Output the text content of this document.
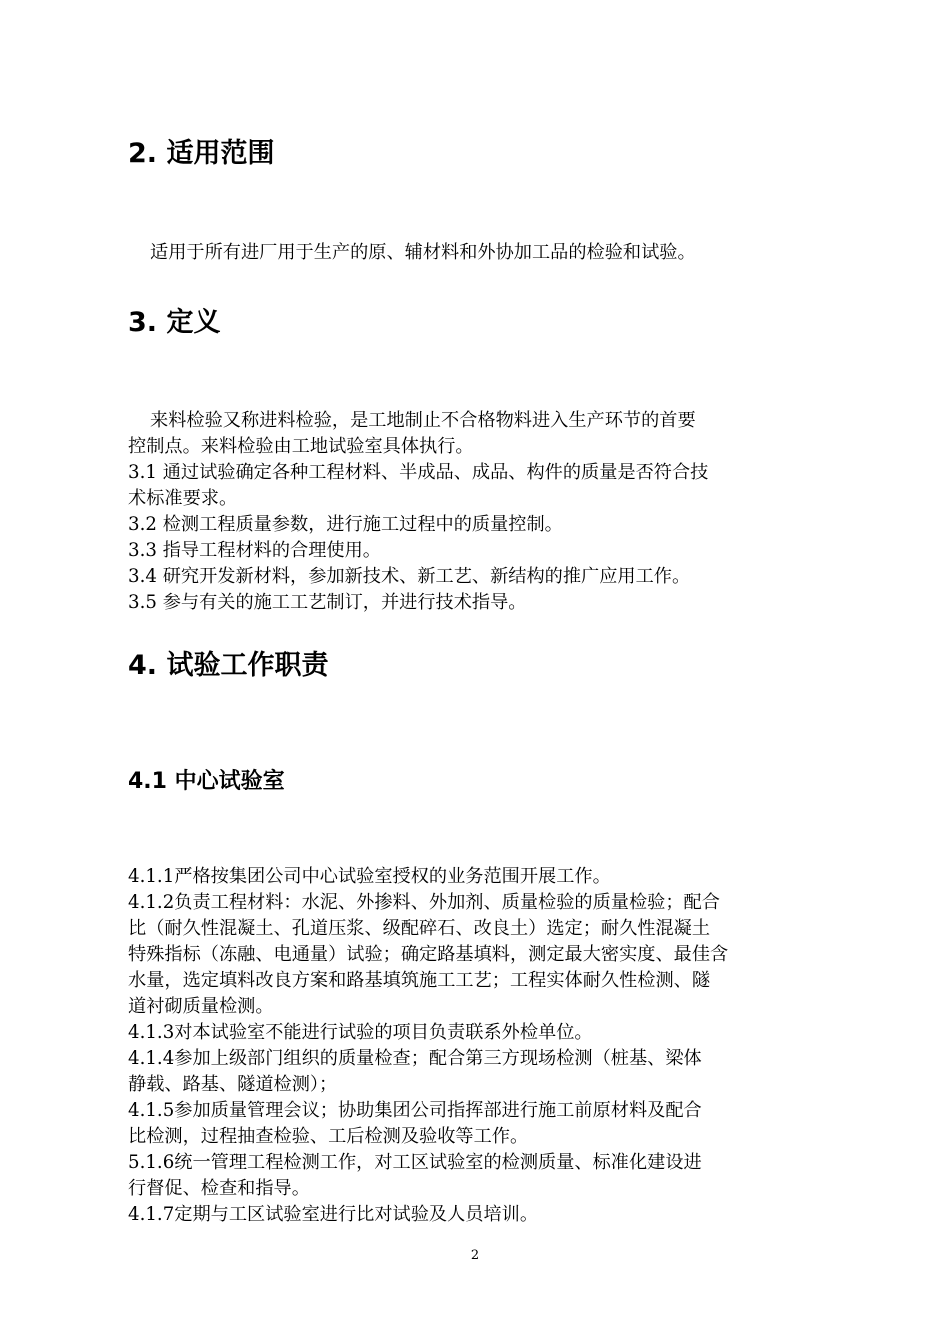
2. 适用范围

适用于所有进厂用于生产的原、辅材料和外协加工品的检验和试验。

3. 定义

来料检验又称进料检验，是工地制止不合格物料进入生产环节的首要

控制点。来料检验由工地试验室具体执行。

3.1 通过试验确定各种工程材料、半成品、成品、构件的质量是否符合技

术标准要求。

3.2 检测工程质量参数，进行施工过程中的质量控制。

3.3 指导工程材料的合理使用。

3.4 研究开发新材料，参加新技术、新工艺、新结构的推广应用工作。

3.5 参与有关的施工工艺制订，并进行技术指导。

4. 试验工作职责
4.1 中心试验室

4.1.1严格按集团公司中心试验室授权的业务范围开展工作。

4.1.2负责工程材料：水泥、外掺料、外加剂、质量检验的质量检验；配合

比（耐久性混凝土、孔道压浆、级配碎石、改良土）选定；耐久性混凝土

特殊指标（冻融、电通量）试验；确定路基填料，测定最大密实度、最佳含

水量，选定填料改良方案和路基填筑施工工艺；工程实体耐久性检测、隧

道衬砌质量检测。

4.1.3对本试验室不能进行试验的项目负责联系外检单位。

4.1.4参加上级部门组织的质量检查；配合第三方现场检测（桩基、梁体

静载、路基、隧道检测）；

4.1.5参加质量管理会议；协助集团公司指挥部进行施工前原材料及配合

比检测，过程抽查检验、工后检测及验收等工作。

5.1.6统一管理工程检测工作，对工区试验室的检测质量、标准化建设进

行督促、检查和指导。

4.1.7定期与工区试验室进行比对试验及人员培训。

2
